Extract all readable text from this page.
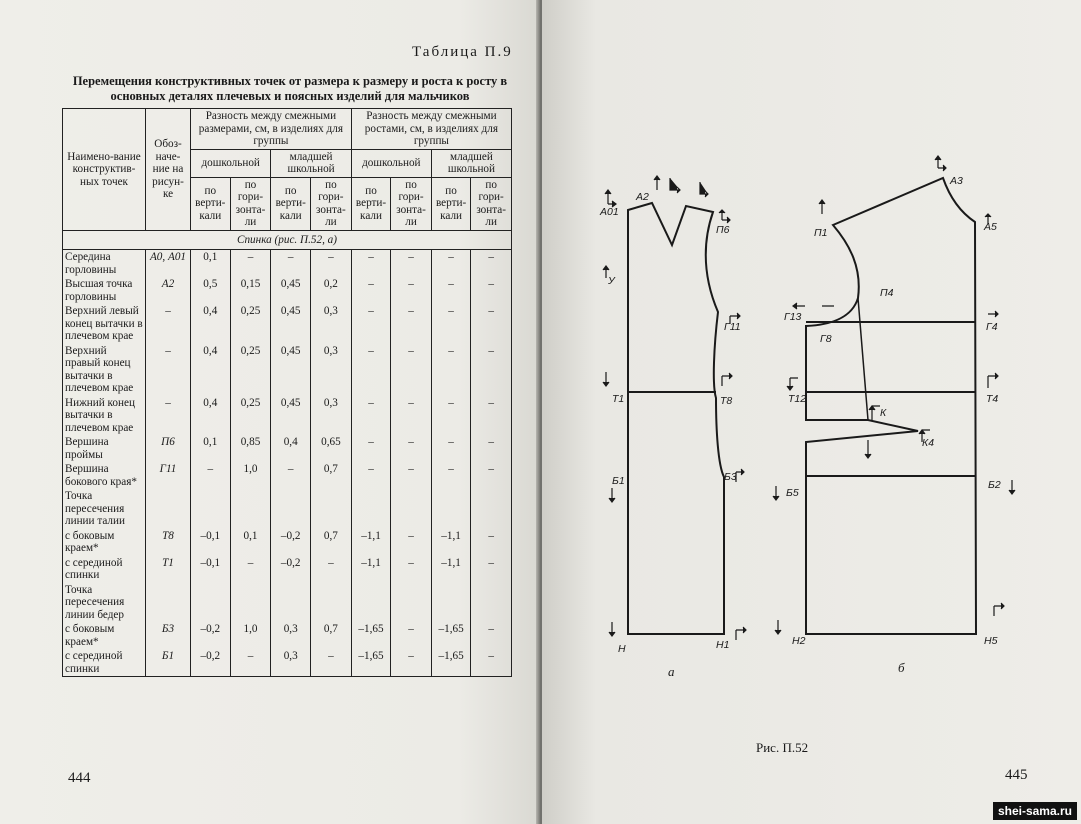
Таблица П.9
Перемещения конструктивных точек от размера к размеру и роста к росту в основных деталях плечевых и поясных изделий для мальчиков
Наимено-вание конструктив-ных точек	Обоз-наче-ние на рисун-ке	Разность между смежными размерами, см, в изделиях для группы				Разность между смежными ростами, см, в изделиях для группы			
		дошкольной		младшей школьной		дошкольной		младшей школьной	
		по верти-кали	по гори-зонта-ли	по верти-кали	по гори-зонта-ли	по верти-кали	по гори-зонта-ли	по верти-кали	по гори-зонта-ли
Спинка (рис. П.52, а)									
Середина горловины	А0, А01	0,1	–	–	–	–	–	–	–
Высшая точка горловины	А2	0,5	0,15	0,45	0,2	–	–	–	–
Верхний левый конец вытачки в плечевом крае	–	0,4	0,25	0,45	0,3	–	–	–	–
Верхний правый конец вытачки в плечевом крае	–	0,4	0,25	0,45	0,3	–	–	–	–
Нижний конец вытачки в плечевом крае	–	0,4	0,25	0,45	0,3	–	–	–	–
Вершина проймы	П6	0,1	0,85	0,4	0,65	–	–	–	–
Вершина бокового края*	Г11	–	1,0	–	0,7	–	–	–	–
Точка пересечения линии талии									
с боковым краем*	Т8	–0,1	0,1	–0,2	0,7	–1,1	–	–1,1	–
с серединой спинки	Т1	–0,1	–	–0,2	–	–1,1	–	–1,1	–
Точка пересечения линии бедер									
с боковым краем*	Б3	–0,2	1,0	0,3	0,7	–1,65	–	–1,65	–
с серединой спинки	Б1	–0,2	–	0,3	–	–1,65	–	–1,65	–
444
А01
А2
П6
У
Г11
Т1	Т8
Б1	Б3
Н	Н1
А3
П1	А5
П4
Г13
Г4
Г8
Т12	Т4
К
К4
Б5
Б2
Н2	Н5
а	б
Рис. П.52
445
shei-sama.ru
